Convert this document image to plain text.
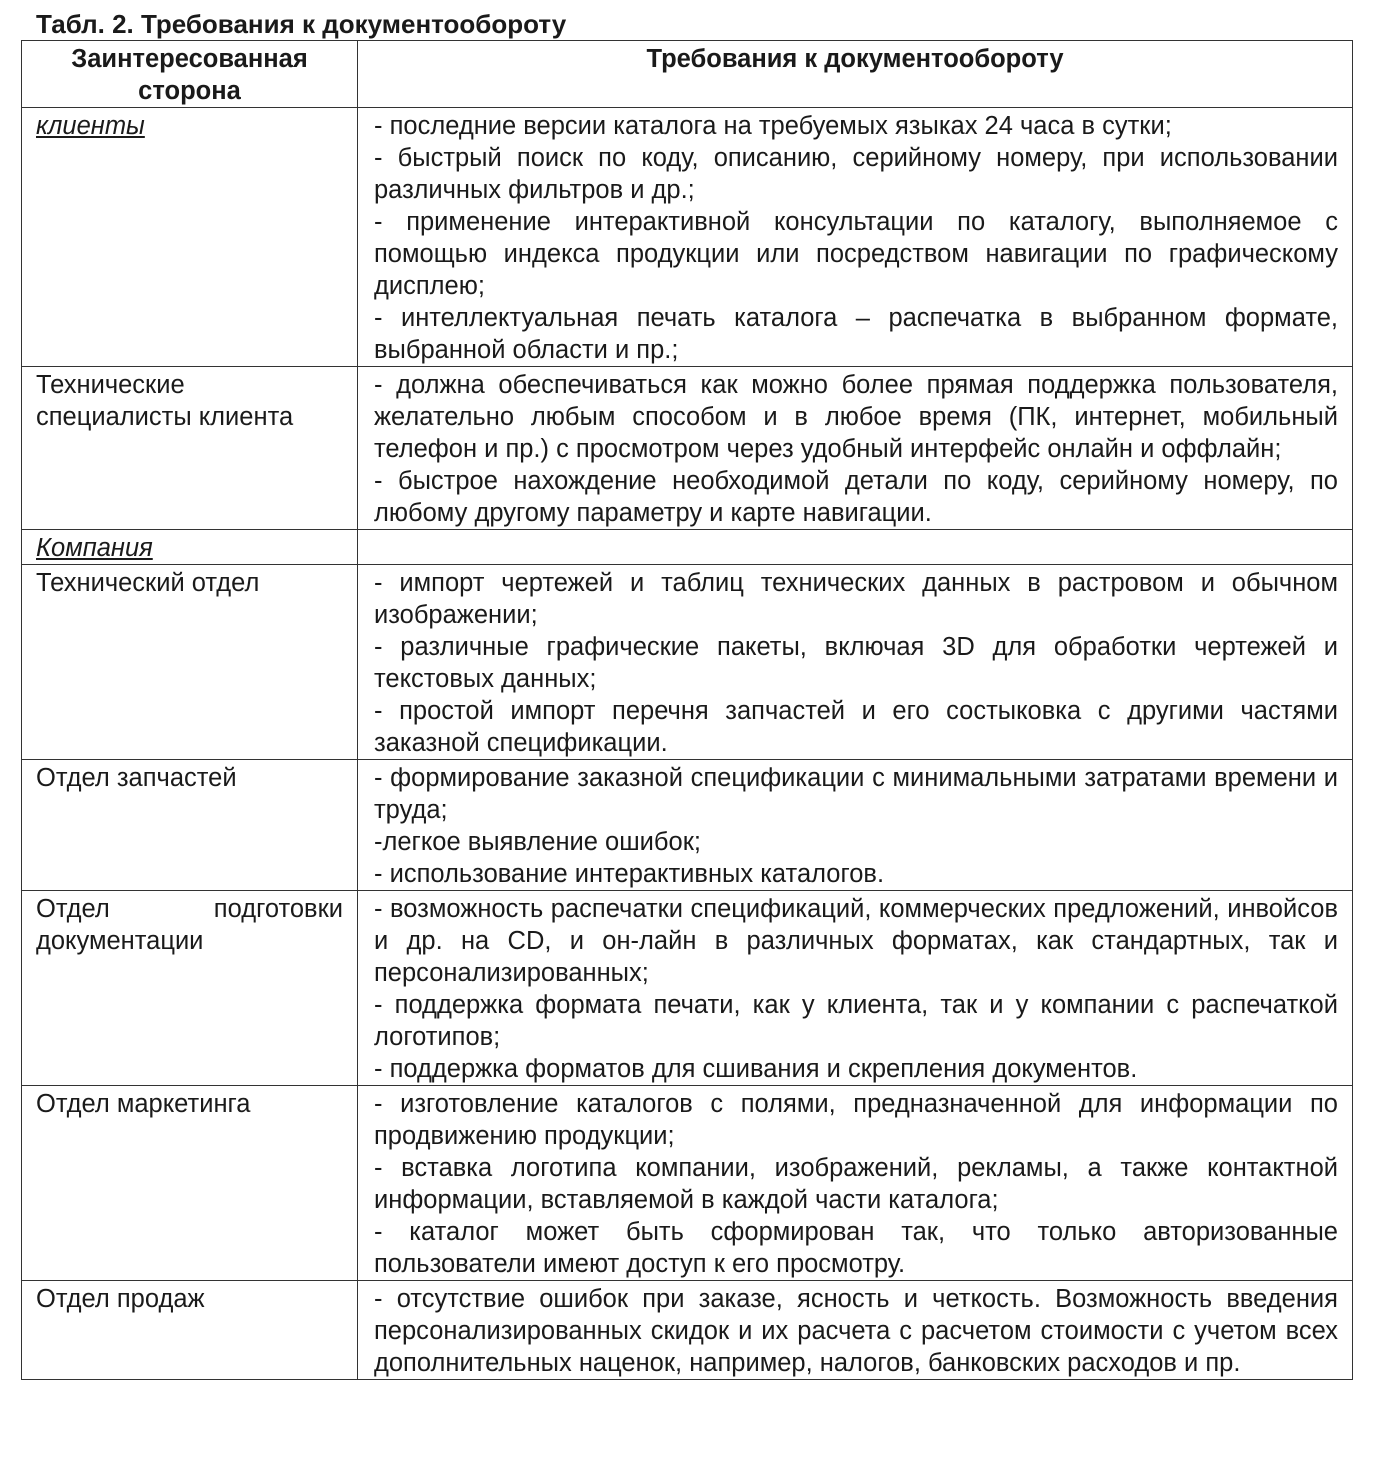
Табл. 2. Требования к документообороту
Заинтересованная сторона	Требования к документообороту
клиенты	- последние версии каталога на требуемых языках 24 часа в сутки;
- быстрый поиск по коду, описанию, серийному номеру, при использовании различных фильтров и др.;
- применение интерактивной консультации по каталогу, выполняемое с помощью индекса продукции или посредством навигации по графическому дисплею;
- интеллектуальная печать каталога – распечатка в выбранном формате, выбранной области и пр.;

Технические специалисты клиента	- должна обеспечиваться как можно более прямая поддержка пользователя, желательно любым способом и в любое время (ПК, интернет, мобильный телефон и пр.) с просмотром через удобный интерфейс онлайн и оффлайн;
- быстрое нахождение необходимой детали по коду, серийному номеру, по любому другому параметру и карте навигации.

Компания	
Технический отдел	- импорт чертежей и таблиц технических данных в растровом и обычном изображении;
- различные графические пакеты, включая 3D для обработки чертежей и текстовых данных;
- простой импорт перечня запчастей и его состыковка с другими частями заказной спецификации.

Отдел запчастей	- формирование заказной спецификации с минимальными затратами времени и труда;
-легкое выявление ошибок;
- использование интерактивных каталогов.

Отдел подготовки документации	- возможность распечатки спецификаций, коммерческих предложений, инвойсов и др. на CD, и он-лайн в различных форматах, как стандартных, так и персонализированных;
- поддержка формата печати, как у клиента, так и у компании с распечаткой логотипов;
- поддержка форматов для сшивания и скрепления документов.

Отдел маркетинга	- изготовление каталогов с полями, предназначенной для информации по продвижению продукции;
- вставка логотипа компании, изображений, рекламы, а также контактной информации, вставляемой в каждой части каталога;
- каталог может быть сформирован так, что только авторизованные пользователи имеют доступ к его просмотру.

Отдел продаж	- отсутствие ошибок при заказе, ясность и четкость. Возможность введения персонализированных скидок и их расчета с расчетом стоимости с учетом всех дополнительных наценок, например, налогов, банковских расходов и пр.
